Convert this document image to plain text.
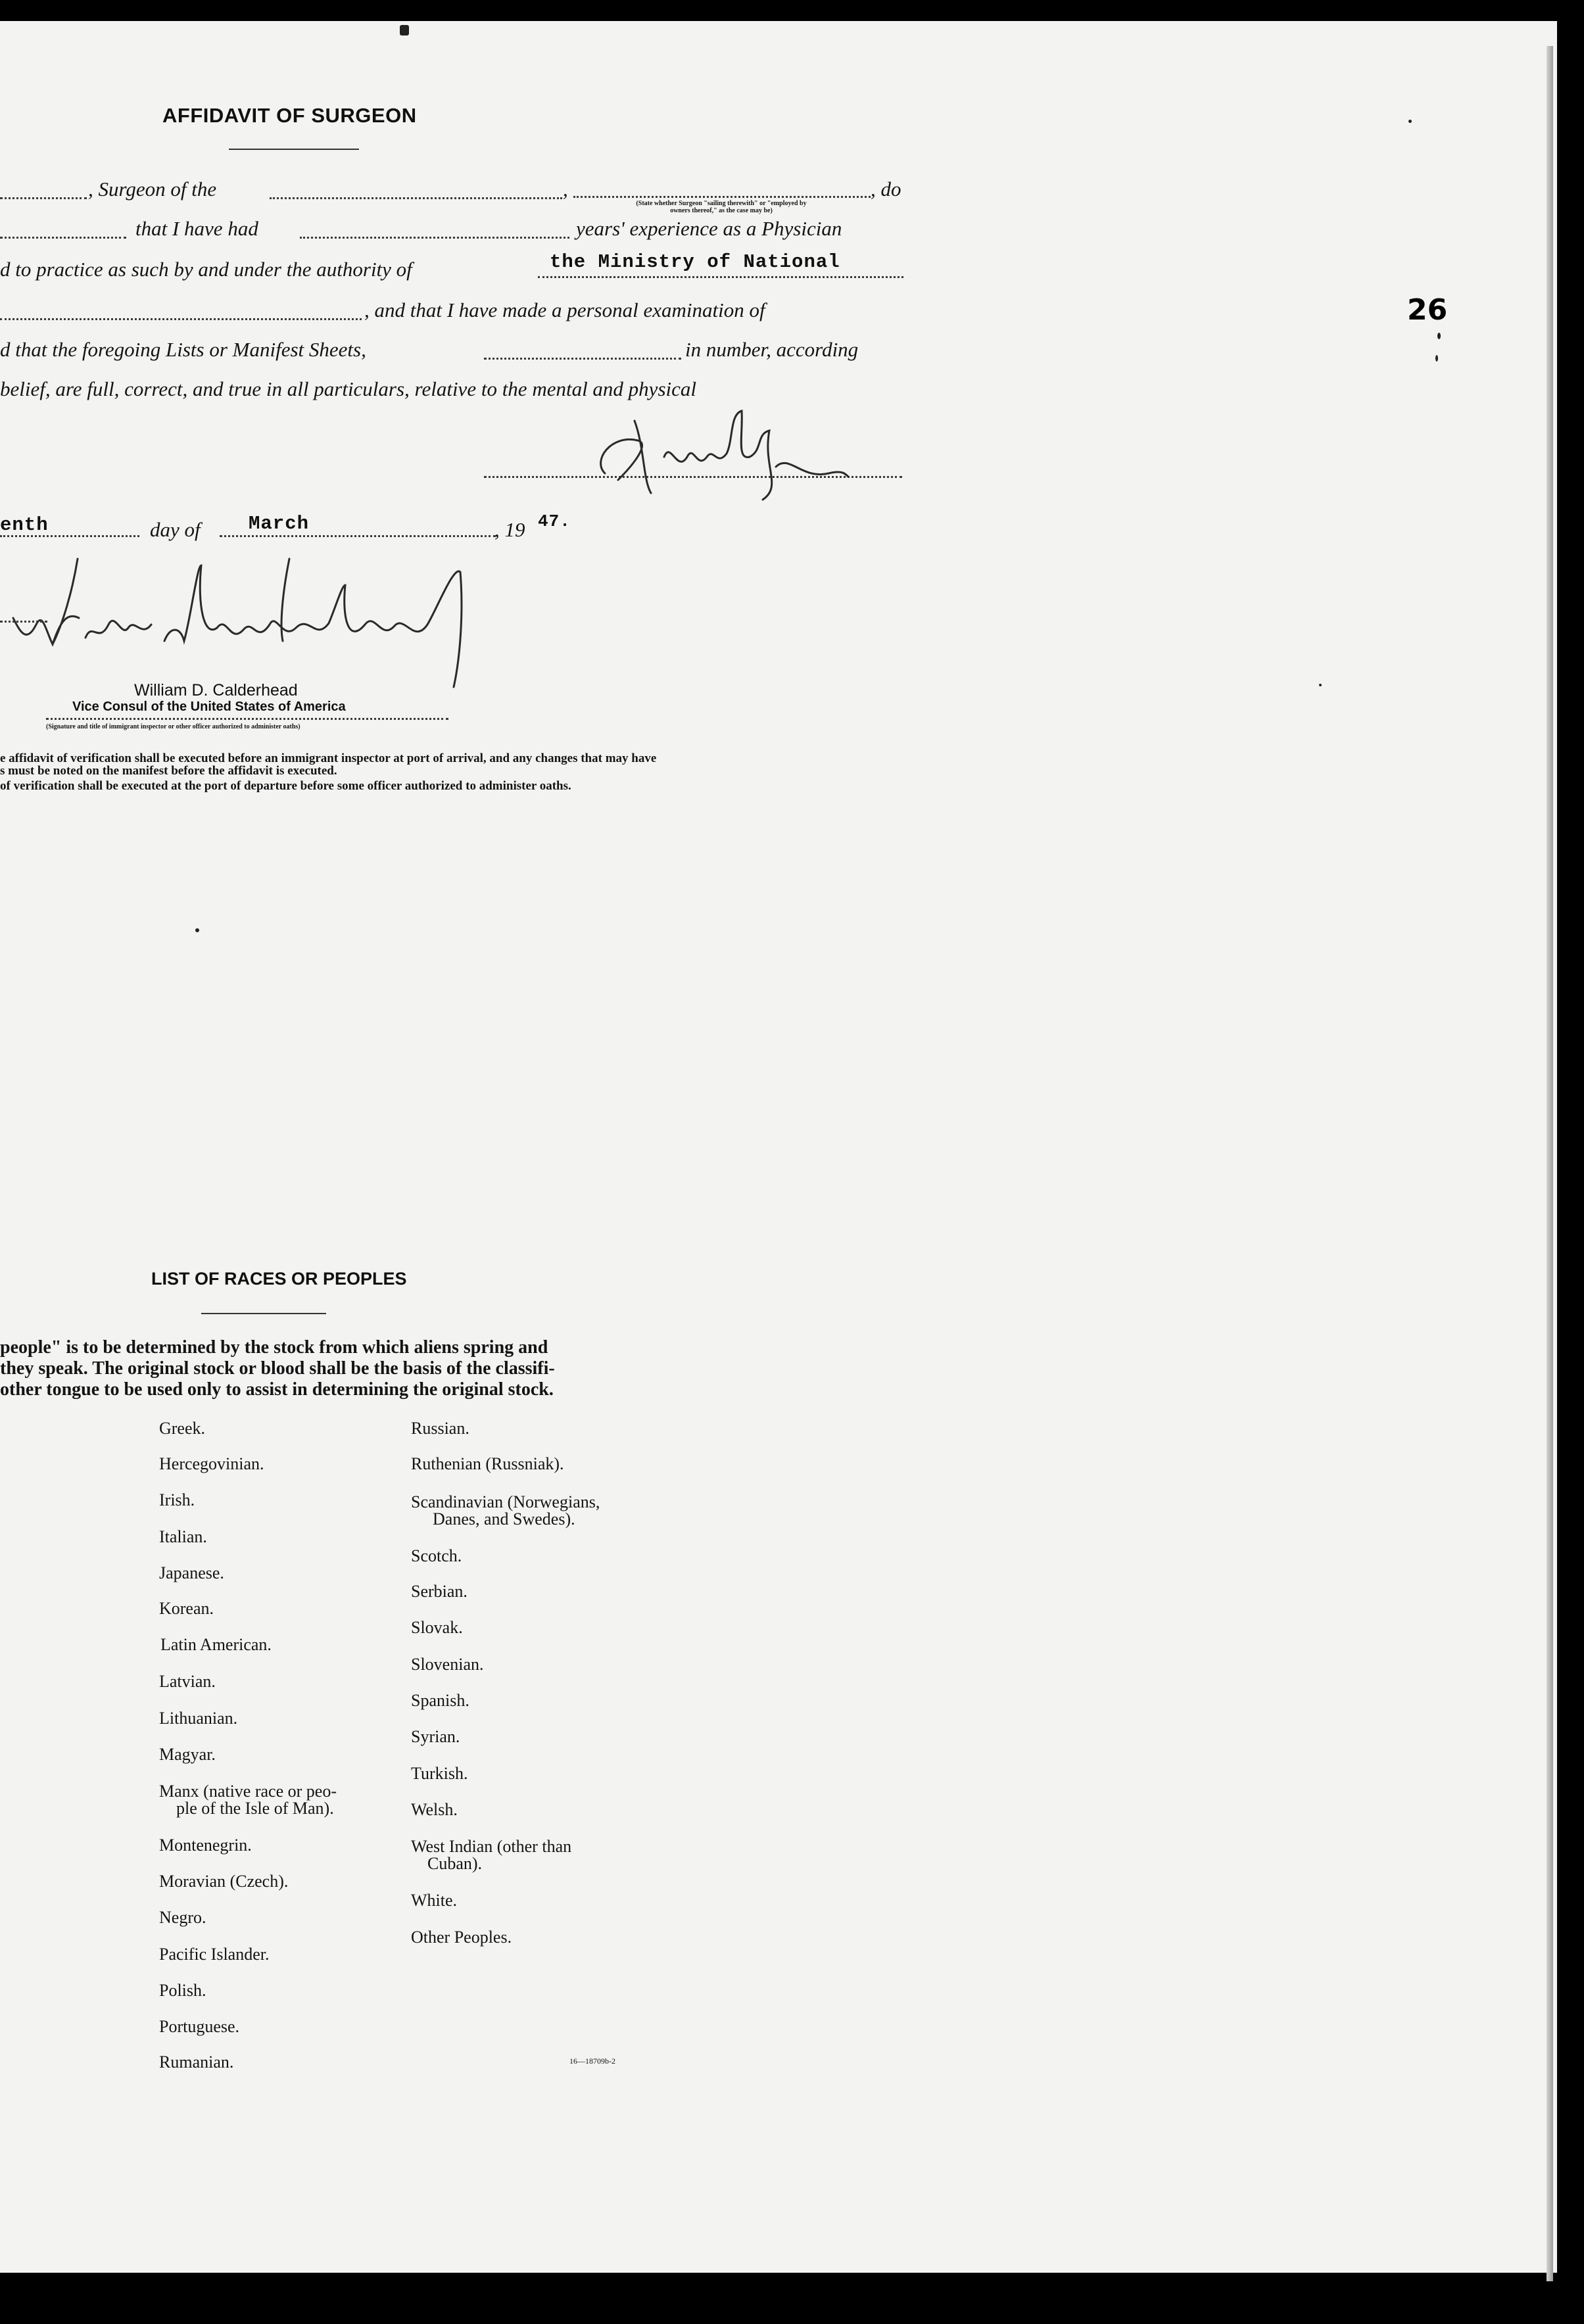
AFFIDAVIT OF SURGEON
, Surgeon of the	,	, do
(State whether Surgeon "sailing therewith" or "employed by
owners thereof," as the case may be)
that I have had	years' experience as a Physician
d to practice as such by and under the authority of	the Ministry of National
, and that I have made a personal examination of
d that the foregoing Lists or Manifest Sheets,	in number, according
belief, are full, correct, and true in all particulars, relative to the mental and physical
enth	day of	March	, 19 47.
William D. Calderhead
Vice Consul of the United States of America
(Signature and title of immigrant inspector or other officer authorized to administer oaths)
e affidavit of verification shall be executed before an immigrant inspector at port of arrival, and any changes that may have
s must be noted on the manifest before the affidavit is executed.
of verification shall be executed at the port of departure before some officer authorized to administer oaths.
26
LIST OF RACES OR PEOPLES
people" is to be determined by the stock from which aliens spring and
they speak. The original stock or blood shall be the basis of the classifi-
other tongue to be used only to assist in determining the original stock.
Greek.
Hercegovinian.
Irish.
Italian.
Japanese.
Korean.
Latin American.
Latvian.
Lithuanian.
Magyar.
Manx (native race or peo-
ple of the Isle of Man).
Montenegrin.
Moravian (Czech).
Negro.
Pacific Islander.
Polish.
Portuguese.
Rumanian.
Russian.
Ruthenian (Russniak).
Scandinavian (Norwegians,
Danes, and Swedes).
Scotch.
Serbian.
Slovak.
Slovenian.
Spanish.
Syrian.
Turkish.
Welsh.
West Indian (other than
Cuban).
White.
Other Peoples.
16—18709b-2
